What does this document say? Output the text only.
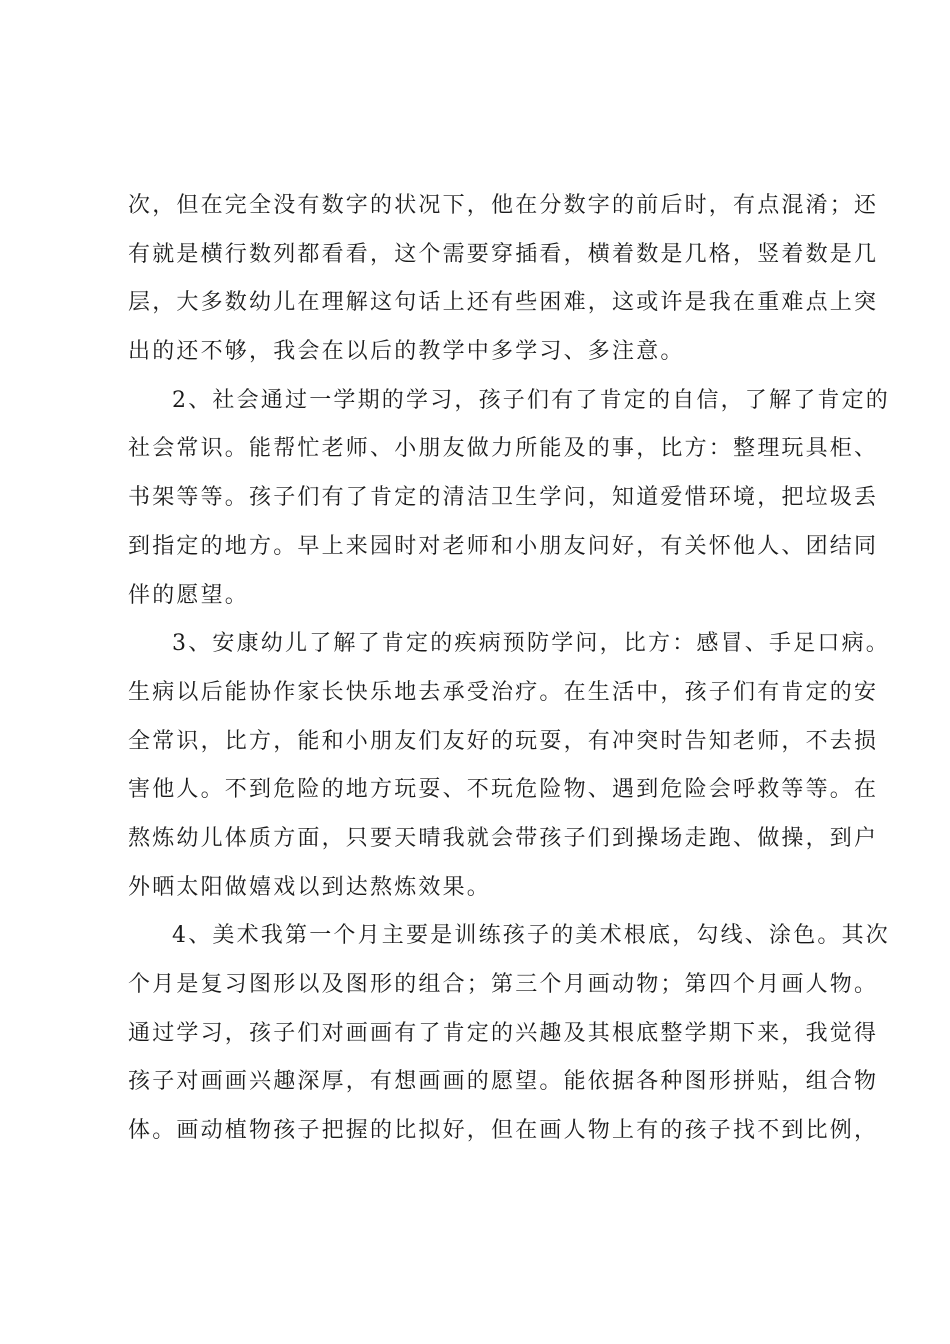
次，但在完全没有数字的状况下，他在分数字的前后时，有点混淆；还
有就是横行数列都看看，这个需要穿插看，横着数是几格，竖着数是几
层，大多数幼儿在理解这句话上还有些困难，这或许是我在重难点上突
出的还不够，我会在以后的教学中多学习、多注意。
2、社会通过一学期的学习，孩子们有了肯定的自信，了解了肯定的
社会常识。能帮忙老师、小朋友做力所能及的事，比方：整理玩具柜、
书架等等。孩子们有了肯定的清洁卫生学问，知道爱惜环境，把垃圾丢
到指定的地方。早上来园时对老师和小朋友问好，有关怀他人、团结同
伴的愿望。
3、安康幼儿了解了肯定的疾病预防学问，比方：感冒、手足口病。
生病以后能协作家长快乐地去承受治疗。在生活中，孩子们有肯定的安
全常识，比方，能和小朋友们友好的玩耍，有冲突时告知老师，不去损
害他人。不到危险的地方玩耍、不玩危险物、遇到危险会呼救等等。在
熬炼幼儿体质方面，只要天晴我就会带孩子们到操场走跑、做操，到户
外晒太阳做嬉戏以到达熬炼效果。
4、美术我第一个月主要是训练孩子的美术根底，勾线、涂色。其次
个月是复习图形以及图形的组合；第三个月画动物；第四个月画人物。
通过学习，孩子们对画画有了肯定的兴趣及其根底整学期下来，我觉得
孩子对画画兴趣深厚，有想画画的愿望。能依据各种图形拼贴，组合物
体。画动植物孩子把握的比拟好，但在画人物上有的孩子找不到比例，
